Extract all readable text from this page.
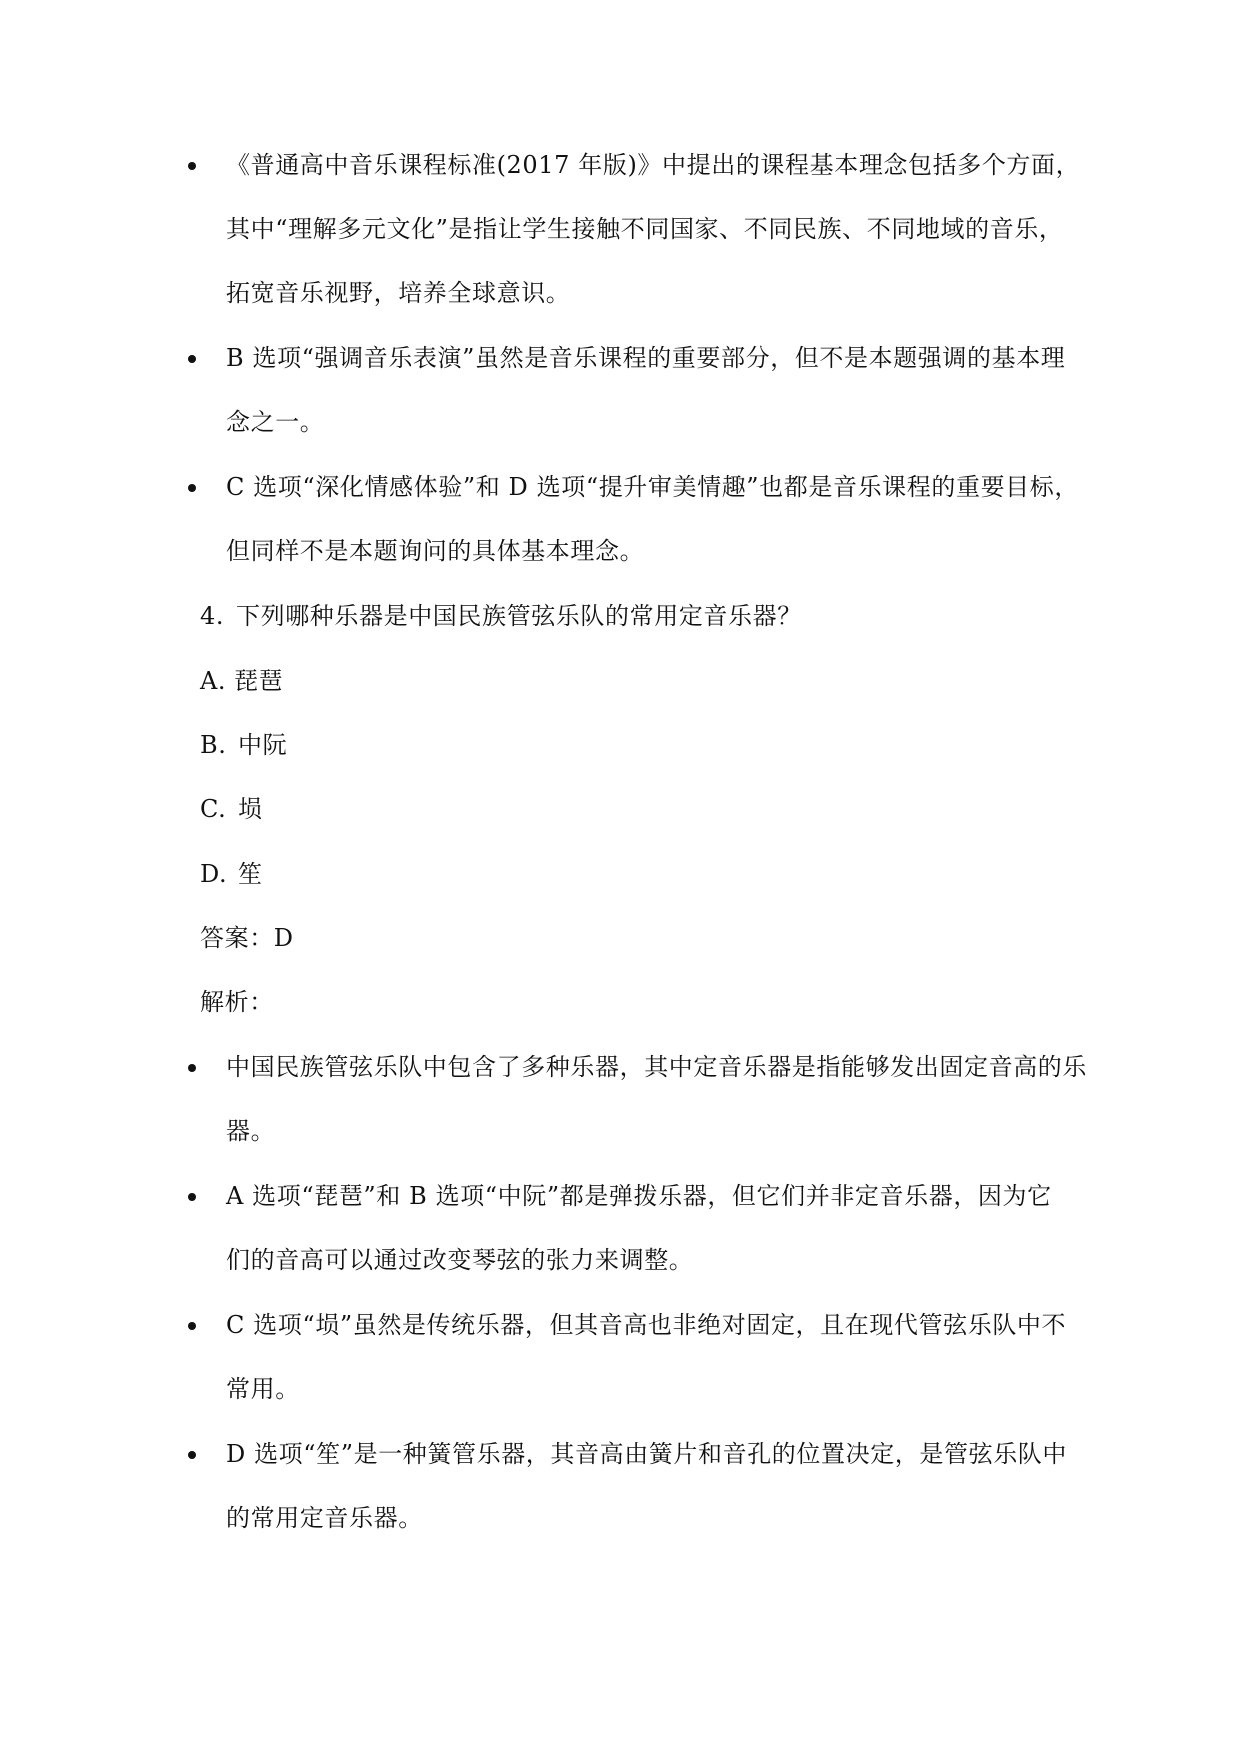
《普通高中音乐课程标准(2017 年版)》中提出的课程基本理念包括多个方面，
其中“理解多元文化”是指让学生接触不同国家、不同民族、不同地域的音乐，
拓宽音乐视野，培养全球意识。
B 选项“强调音乐表演”虽然是音乐课程的重要部分，但不是本题强调的基本理
念之一。
C 选项“深化情感体验”和 D 选项“提升审美情趣”也都是音乐课程的重要目标，
但同样不是本题询问的具体基本理念。
4. 下列哪种乐器是中国民族管弦乐队的常用定音乐器？
A. 琵琶
B. 中阮
C. 埙
D. 笙
答案：D
解析：
中国民族管弦乐队中包含了多种乐器，其中定音乐器是指能够发出固定音高的乐
器。
A 选项“琵琶”和 B 选项“中阮”都是弹拨乐器，但它们并非定音乐器，因为它
们的音高可以通过改变琴弦的张力来调整。
C 选项“埙”虽然是传统乐器，但其音高也非绝对固定，且在现代管弦乐队中不
常用。
D 选项“笙”是一种簧管乐器，其音高由簧片和音孔的位置决定，是管弦乐队中
的常用定音乐器。
